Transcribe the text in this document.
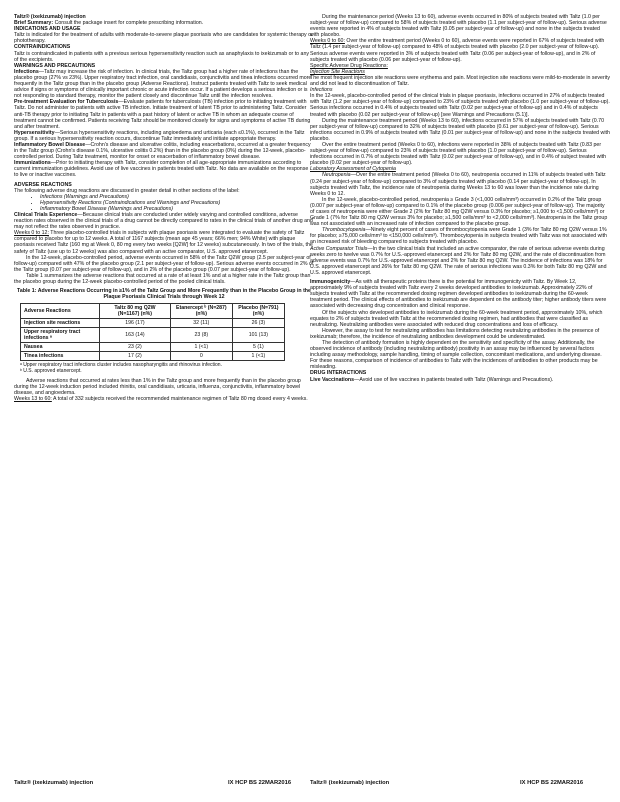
Taltz® (ixekizumab) injection

Brief Summary: Consult the package insert for complete prescribing information.

INDICATIONS AND USAGE

Taltz is indicated for the treatment of adults with moderate-to-severe plaque psoriasis who are candidates for systemic therapy or phototherapy.

CONTRAINDICATIONS

Taltz is contraindicated in patients with a previous serious hypersensitivity reaction such as anaphylaxis to ixekizumab or to any of the excipients.

WARNINGS AND PRECAUTIONS

Infections—Taltz may increase the risk of infection. In clinical trials, the Taltz group had a higher rate of infections than the placebo group (27% vs 23%). Upper respiratory tract infection, oral candidiasis, conjunctivitis and tinea infections occurred more frequently in the Taltz group than in the placebo group (Adverse Reactions). Instruct patients treated with Taltz to seek medical advice if signs or symptoms of clinically important chronic or acute infection occur. If a patient develops a serious infection or is not responding to standard therapy, monitor the patient closely and discontinue Taltz until the infection resolves.

Pre-treatment Evaluation for Tuberculosis—Evaluate patients for tuberculosis (TB) infection prior to initiating treatment with Taltz. Do not administer to patients with active TB infection. Initiate treatment of latent TB prior to administering Taltz. Consider anti-TB therapy prior to initiating Taltz in patients with a past history of latent or active TB in whom an adequate course of treatment cannot be confirmed. Patients receiving Taltz should be monitored closely for signs and symptoms of active TB during and after treatment.

Hypersensitivity—Serious hypersensitivity reactions, including angioedema and urticaria (each ≤0.1%), occurred in the Taltz group. If a serious hypersensitivity reaction occurs, discontinue Taltz immediately and initiate appropriate therapy.

Inflammatory Bowel Disease—Crohn's disease and ulcerative colitis, including exacerbations, occurred at a greater frequency in the Taltz group (Crohn's disease 0.1%, ulcerative colitis 0.2%) than in the placebo group (0%) during the 12-week, placebo-controlled period. During Taltz treatment, monitor for onset or exacerbation of inflammatory bowel disease.

Immunizations—Prior to initiating therapy with Taltz, consider completion of all age-appropriate immunizations according to current immunization guidelines. Avoid use of live vaccines in patients treated with Taltz. No data are available on the response to live or inactive vaccines.

ADVERSE REACTIONS

The following adverse drug reactions are discussed in greater detail in other sections of the label:

• Infections (Warnings and Precautions)
• Hypersensitivity Reactions (Contraindications and Warnings and Precautions)
• Inflammatory Bowel Disease (Warnings and Precautions)

Clinical Trials Experience—Because clinical trials are conducted under widely varying and controlled conditions, adverse reaction rates observed in the clinical trials of a drug cannot be directly compared to rates in the clinical trials of another drug and may not reflect the rates observed in practice.

Weeks 0 to 12: Three placebo-controlled trials in subjects with plaque psoriasis were integrated to evaluate the safety of Taltz compared to placebo for up to 12 weeks. A total of 1167 subjects (mean age 45 years; 66% men; 94% White) with plaque psoriasis received Taltz (160 mg at Week 0, 80 mg every two weeks [Q2W] for 12 weeks) subcutaneously. In two of the trials, the safety of Taltz (use up to 12 weeks) was also compared with an active comparator, U.S. approved etanercept.

In the 12-week, placebo-controlled period, adverse events occurred in 58% of the Taltz Q2W group (2.5 per subject-year of follow-up) compared with 47% of the placebo group (2.1 per subject-year of follow-up). Serious adverse events occurred in 2% of the Taltz group (0.07 per subject-year of follow-up), and in 2% of the placebo group (0.07 per subject-year of follow-up).

Table 1 summarizes the adverse reactions that occurred at a rate of at least 1% and at a higher rate in the Taltz group than the placebo group during the 12-week placebo-controlled period of the pooled clinical trials.

Table 1: Adverse Reactions Occurring in ≥1% of the Taltz Group and More Frequently than in the Placebo Group in the Plaque Psoriasis Clinical Trials through Week 12

Adverse Reactions	Taltz 80 mg Q2W (N=1167) (n%)	Etanercept ᵇ (N=287) (n%)	Placebo (N=791) (n%)
Injection site reactions	196 (17)	32 (11)	26 (3)
Upper respiratory tract infections ᵃ	163 (14)	23 (8)	101 (13)
Nausea	23 (2)	1 (<1)	5 (1)
Tinea infections	17 (2)	0	1 (<1)

ᵃ Upper respiratory tract infections cluster includes nasopharyngitis and rhinovirus infection.

ᵇ U.S. approved etanercept.

Adverse reactions that occurred at rates less than 1% in the Taltz group and more frequently than in the placebo group during the 12-week induction period included rhinitis, oral candidiasis, urticaria, influenza, conjunctivitis, inflammatory bowel disease, and angioedema.

Weeks 13 to 60: A total of 332 subjects received the recommended maintenance regimen of Taltz 80 mg dosed every 4 weeks.

During the maintenance period (Weeks 13 to 60), adverse events occurred in 80% of subjects treated with Taltz (1.0 per subject-year of follow-up) compared to 58% of subjects treated with placebo (1.1 per subject-year of follow-up). Serious adverse events were reported in 4% of subjects treated with Taltz (0.05 per subject-year of follow-up) and none in the subjects treated with placebo.

Weeks 0 to 60: Over the entire treatment period (Weeks 0 to 60), adverse events were reported in 67% of subjects treated with Taltz (1.4 per subject-year of follow-up) compared to 48% of subjects treated with placebo (2.0 per subject-year of follow-up). Serious adverse events were reported in 3% of subjects treated with Taltz (0.06 per subject-year of follow-up), and in 2% of subjects treated with placebo (0.06 per subject-year of follow-up).

Specific Adverse Drug Reactions:

Injection Site Reactions

The most frequent injection site reactions were erythema and pain. Most injection site reactions were mild-to-moderate in severity and did not lead to discontinuation of Taltz.

Infections

In the 12-week, placebo-controlled period of the clinical trials in plaque psoriasis, infections occurred in 27% of subjects treated with Taltz (1.2 per subject-year of follow-up) compared to 23% of subjects treated with placebo (1.0 per subject-year of follow-up). Serious infections occurred in 0.4% of subjects treated with Taltz (0.02 per subject-year of follow-up) and in 0.4% of subjects treated with placebo (0.02 per subject-year of follow-up) [see Warnings and Precautions (5.1)].

During the maintenance treatment period (Weeks 13 to 60), infections occurred in 57% of subjects treated with Taltz (0.70 per subject-year of follow-up) compared to 32% of subjects treated with placebo (0.61 per subject-year of follow-up). Serious infections occurred in 0.9% of subjects treated with Taltz (0.01 per subject-year of follow-up) and none in the subjects treated with placebo.

Over the entire treatment period (Weeks 0 to 60), infections were reported in 38% of subjects treated with Taltz (0.83 per subject-year of follow-up) compared to 23% of subjects treated with placebo (1.0 per subject-year of follow-up). Serious infections occurred in 0.7% of subjects treated with Taltz (0.02 per subject-year of follow-up), and in 0.4% of subject treated with placebo (0.02 per subject-year of follow-up).

Laboratory Assessment of Cytopenia

Neutropenia—Over the entire treatment period (Weeks 0 to 60), neutropenia occurred in 11% of subjects treated with Taltz (0.24 per subject-year of follow-up) compared to 3% of subjects treated with placebo (0.14 per subject-year of follow-up). In subjects treated with Taltz, the incidence rate of neutropenia during Weeks 13 to 60 was lower than the incidence rate during Weeks 0 to 12.

In the 12-week, placebo-controlled period, neutropenia ≥ Grade 3 (<1,000 cells/mm³) occurred in 0.2% of the Taltz group (0.007 per subject-year of follow-up) compared to 0.1% of the placebo group (0.006 per subject-year of follow-up). The majority of cases of neutropenia were either Grade 2 (2% for Taltz 80 mg Q2W versus 0.3% for placebo; ≥1,000 to <1,500 cells/mm³) or Grade 1 (7% for Taltz 80 mg Q2W versus 3% for placebo; ≥1,500 cells/mm³ to <2,000 cells/mm³). Neutropenia in the Taltz group was not associated with an increased rate of infection compared to the placebo group.

Thrombocytopenia—Ninety eight percent of cases of thrombocytopenia were Grade 1 (3% for Taltz 80 mg Q2W versus 1% for placebo; ≥75,000 cells/mm³ to <150,000 cells/mm³). Thrombocytopenia in subjects treated with Taltz was not associated with an increased risk of bleeding compared to subjects treated with placebo.

Active Comparator Trials—In the two clinical trials that included an active comparator, the rate of serious adverse events during weeks zero to twelve was 0.7% for U.S.-approved etanercept and 2% for Taltz 80 mg Q2W, and the rate of discontinuation from adverse events was 0.7% for U.S.-approved etanercept and 2% for Taltz 80 mg Q2W. The incidence of infections was 18% for U.S. approved etanercept and 26% for Taltz 80 mg Q2W. The rate of serious infections was 0.3% for both Taltz 80 mg Q2W and U.S. approved etanercept.

Immunogenicity—As with all therapeutic proteins there is the potential for immunogenicity with Taltz. By Week 12, approximately 9% of subjects treated with Taltz every 2 weeks developed antibodies to ixekizumab. Approximately 22% of subjects treated with Taltz at the recommended dosing regimen developed antibodies to ixekizumab during the 60-week treatment period. The clinical effects of antibodies to ixekizumab are dependent on the antibody titer; higher antibody titers were associated with decreasing drug concentration and clinical response.

Of the subjects who developed antibodies to ixekizumab during the 60-week treatment period, approximately 10%, which equates to 2% of subjects treated with Taltz at the recommended dosing regimen, had antibodies that were classified as neutralizing. Neutralizing antibodies were associated with reduced drug concentrations and loss of efficacy.

However, the assay to test for neutralizing antibodies has limitations detecting neutralizing antibodies in the presence of ixekizumab; therefore, the incidence of neutralizing antibodies development could be underestimated.

The detection of antibody formation is highly dependent on the sensitivity and specificity of the assay. Additionally, the observed incidence of antibody (including neutralizing antibody) positivity in an assay may be influenced by several factors including assay methodology, sample handling, timing of sample collection, concomitant medications, and underlying disease. For these reasons, comparison of incidence of antibodies to Taltz with the incidences of antibodies to other products may be misleading.

DRUG INTERACTIONS

Live Vaccinations—Avoid use of live vaccines in patients treated with Taltz (Warnings and Precautions).

Taltz® (ixekizumab) injection	IX HCP BS 22MAR2016	Taltz® (ixekizumab) injection	IX HCP BS 22MAR2016
